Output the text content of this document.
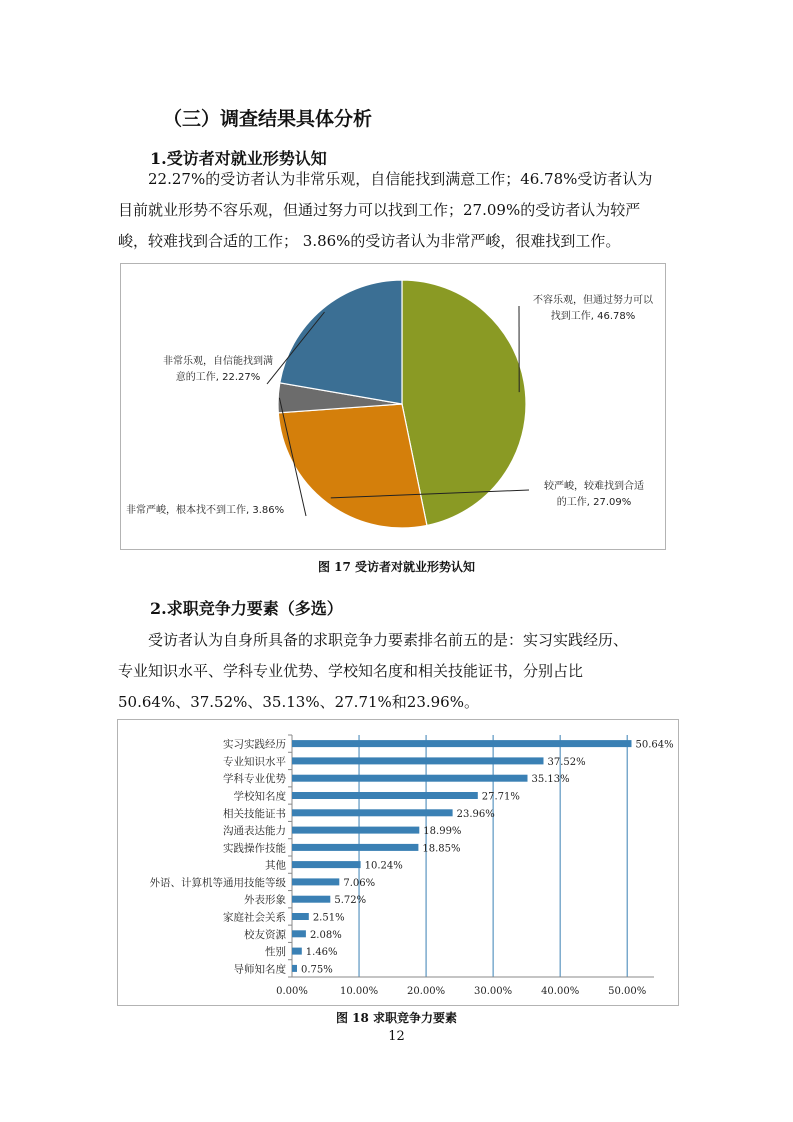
（三）调查结果具体分析
1.受访者对就业形势认知
22.27%的受访者认为非常乐观，自信能找到满意工作；46.78%受访者认为
目前就业形势不容乐观，但通过努力可以找到工作；27.09%的受访者认为较严
峻，较难找到合适的工作； 3.86%的受访者认为非常严峻，很难找到工作。
不容乐观，但通过努力可以
找到工作, 46.78%
较严峻，较难找到合适
的工作, 27.09%
非常严峻，根本找不到工作, 3.86%
非常乐观，自信能找到满
意的工作, 22.27%
图 17 受访者对就业形势认知
2.求职竞争力要素（多选）
受访者认为自身所具备的求职竞争力要素排名前五的是：实习实践经历、
专业知识水平、学科专业优势、学校知名度和相关技能证书，分别占比
50.64%、37.52%、35.13%、27.71%和23.96%。
实习实践经历	50.64%
专业知识水平	37.52%
学科专业优势	35.13%
学校知名度	27.71%
相关技能证书	23.96%
沟通表达能力	18.99%
实践操作技能	18.85%
其他	10.24%
外语、计算机等通用技能等级	7.06%
外表形象	5.72%
家庭社会关系	2.51%
校友资源 2.08%
性别 1.46%
导师知名度 0.75%
0.00%	10.00%	20.00%	30.00%	40.00%	50.00%
图 18 求职竞争力要素
12
